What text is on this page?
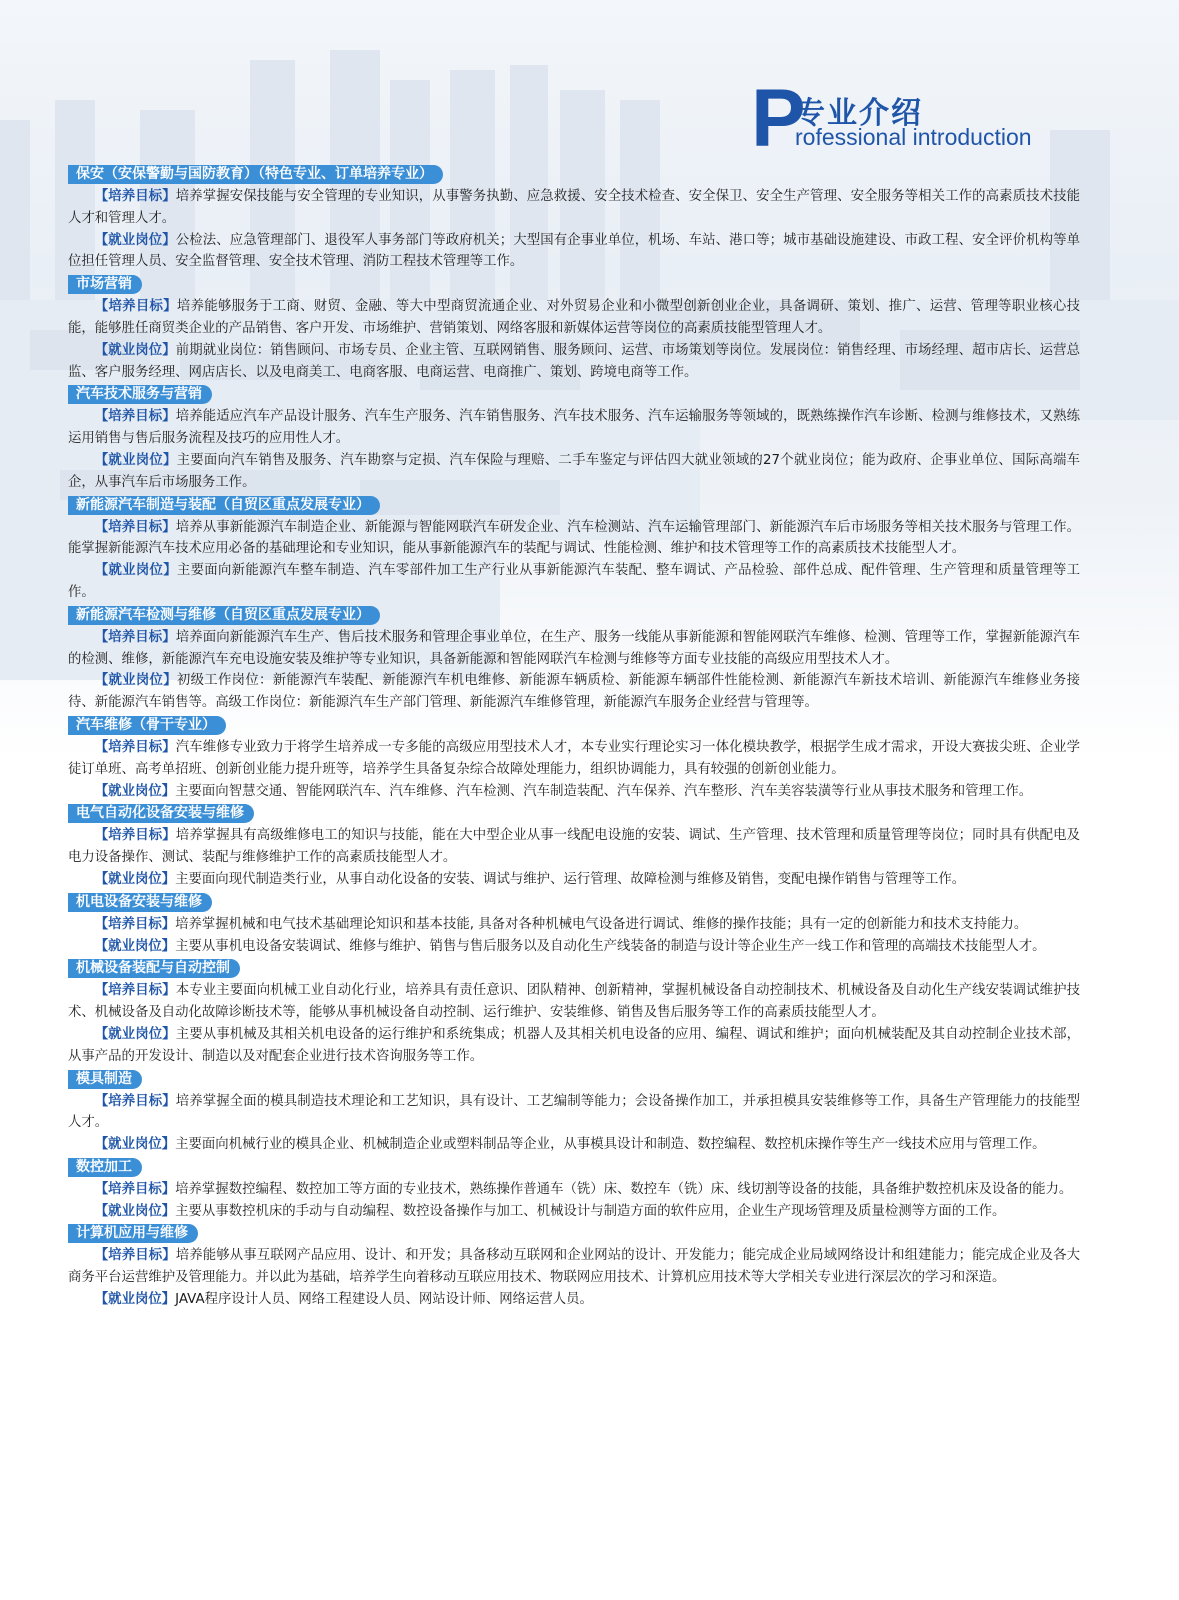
P
专业介绍
rofessional introduction
保安（安保警勤与国防教育）（特色专业、订单培养专业）

【培养目标】培养掌握安保技能与安全管理的专业知识，从事警务执勤、应急救援、安全技术检查、安全保卫、安全生产管理、安全服务等相关工作的高素质技术技能人才和管理人才。

【就业岗位】公检法、应急管理部门、退役军人事务部门等政府机关；大型国有企事业单位，机场、车站、港口等；城市基础设施建设、市政工程、安全评价机构等单位担任管理人员、安全监督管理、安全技术管理、消防工程技术管理等工作。

市场营销

【培养目标】培养能够服务于工商、财贸、金融、等大中型商贸流通企业、对外贸易企业和小微型创新创业企业，具备调研、策划、推广、运营、管理等职业核心技能，能够胜任商贸类企业的产品销售、客户开发、市场维护、营销策划、网络客服和新媒体运营等岗位的高素质技能型管理人才。

【就业岗位】前期就业岗位：销售顾问、市场专员、企业主管、互联网销售、服务顾问、运营、市场策划等岗位。发展岗位：销售经理、市场经理、超市店长、运营总监、客户服务经理、网店店长、以及电商美工、电商客服、电商运营、电商推广、策划、跨境电商等工作。

汽车技术服务与营销

【培养目标】培养能适应汽车产品设计服务、汽车生产服务、汽车销售服务、汽车技术服务、汽车运输服务等领域的，既熟练操作汽车诊断、检测与维修技术，又熟练运用销售与售后服务流程及技巧的应用性人才。

【就业岗位】主要面向汽车销售及服务、汽车勘察与定损、汽车保险与理赔、二手车鉴定与评估四大就业领域的27个就业岗位；能为政府、企事业单位、国际高端车企，从事汽车后市场服务工作。

新能源汽车制造与装配（自贸区重点发展专业）

【培养目标】培养从事新能源汽车制造企业、新能源与智能网联汽车研发企业、汽车检测站、汽车运输管理部门、新能源汽车后市场服务等相关技术服务与管理工作。能掌握新能源汽车技术应用必备的基础理论和专业知识，能从事新能源汽车的装配与调试、性能检测、维护和技术管理等工作的高素质技术技能型人才。

【就业岗位】主要面向新能源汽车整车制造、汽车零部件加工生产行业从事新能源汽车装配、整车调试、产品检验、部件总成、配件管理、生产管理和质量管理等工作。

新能源汽车检测与维修（自贸区重点发展专业）

【培养目标】培养面向新能源汽车生产、售后技术服务和管理企事业单位，在生产、服务一线能从事新能源和智能网联汽车维修、检测、管理等工作，掌握新能源汽车的检测、维修，新能源汽车充电设施安装及维护等专业知识，具备新能源和智能网联汽车检测与维修等方面专业技能的高级应用型技术人才。

【就业岗位】初级工作岗位：新能源汽车装配、新能源汽车机电维修、新能源车辆质检、新能源车辆部件性能检测、新能源汽车新技术培训、新能源汽车维修业务接待、新能源汽车销售等。高级工作岗位：新能源汽车生产部门管理、新能源汽车维修管理，新能源汽车服务企业经营与管理等。

汽车维修（骨干专业）

【培养目标】汽车维修专业致力于将学生培养成一专多能的高级应用型技术人才，本专业实行理论实习一体化模块教学，根据学生成才需求，开设大赛拔尖班、企业学徒订单班、高考单招班、创新创业能力提升班等，培养学生具备复杂综合故障处理能力，组织协调能力，具有较强的创新创业能力。

【就业岗位】主要面向智慧交通、智能网联汽车、汽车维修、汽车检测、汽车制造装配、汽车保养、汽车整形、汽车美容装潢等行业从事技术服务和管理工作。

电气自动化设备安装与维修

【培养目标】培养掌握具有高级维修电工的知识与技能，能在大中型企业从事一线配电设施的安装、调试、生产管理、技术管理和质量管理等岗位；同时具有供配电及电力设备操作、测试、装配与维修维护工作的高素质技能型人才。

【就业岗位】主要面向现代制造类行业，从事自动化设备的安装、调试与维护、运行管理、故障检测与维修及销售，变配电操作销售与管理等工作。

机电设备安装与维修

【培养目标】培养掌握机械和电气技术基础理论知识和基本技能, 具备对各种机械电气设备进行调试、维修的操作技能；具有一定的创新能力和技术支持能力。

【就业岗位】主要从事机电设备安装调试、维修与维护、销售与售后服务以及自动化生产线装备的制造与设计等企业生产一线工作和管理的高端技术技能型人才。

机械设备装配与自动控制

【培养目标】本专业主要面向机械工业自动化行业，培养具有责任意识、团队精神、创新精神，掌握机械设备自动控制技术、机械设备及自动化生产线安装调试维护技术、机械设备及自动化故障诊断技术等，能够从事机械设备自动控制、运行维护、安装维修、销售及售后服务等工作的高素质技能型人才。

【就业岗位】主要从事机械及其相关机电设备的运行维护和系统集成；机器人及其相关机电设备的应用、编程、调试和维护；面向机械装配及其自动控制企业技术部，从事产品的开发设计、制造以及对配套企业进行技术咨询服务等工作。

模具制造

【培养目标】培养掌握全面的模具制造技术理论和工艺知识，具有设计、工艺编制等能力；会设备操作加工，并承担模具安装维修等工作，具备生产管理能力的技能型人才。

【就业岗位】主要面向机械行业的模具企业、机械制造企业或塑料制品等企业，从事模具设计和制造、数控编程、数控机床操作等生产一线技术应用与管理工作。

数控加工

【培养目标】培养掌握数控编程、数控加工等方面的专业技术，熟练操作普通车（铣）床、数控车（铣）床、线切割等设备的技能，具备维护数控机床及设备的能力。

【就业岗位】主要从事数控机床的手动与自动编程、数控设备操作与加工、机械设计与制造方面的软件应用，企业生产现场管理及质量检测等方面的工作。

计算机应用与维修

【培养目标】培养能够从事互联网产品应用、设计、和开发；具备移动互联网和企业网站的设计、开发能力；能完成企业局域网络设计和组建能力；能完成企业及各大商务平台运营维护及管理能力。并以此为基础，培养学生向着移动互联应用技术、物联网应用技术、计算机应用技术等大学相关专业进行深层次的学习和深造。

【就业岗位】JAVA程序设计人员、网络工程建设人员、网站设计师、网络运营人员。
